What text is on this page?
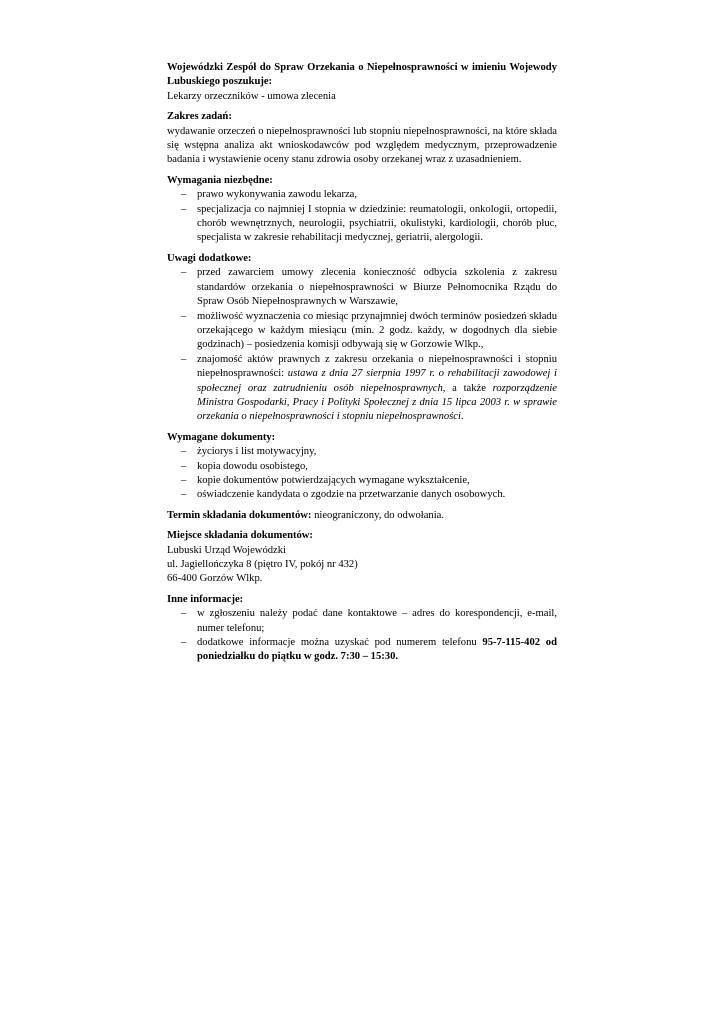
Wojewódzki Zespół do Spraw Orzekania o Niepełnosprawności w imieniu Wojewody Lubuskiego poszukuje:

Lekarzy orzeczników - umowa zlecenia

Zakres zadań:

wydawanie orzeczeń o niepełnosprawności lub stopniu niepełnosprawności, na które składa się wstępna analiza akt wnioskodawców pod względem medycznym, przeprowadzenie badania i wystawienie oceny stanu zdrowia osoby orzekanej wraz z uzasadnieniem.

Wymagania niezbędne:

– prawo wykonywania zawodu lekarza,
– specjalizacja co najmniej I stopnia w dziedzinie: reumatologii, onkologii, ortopedii, chorób wewnętrznych, neurologii, psychiatrii, okulistyki, kardiologii, chorób płuc, specjalista w zakresie rehabilitacji medycznej, geriatrii, alergologii.

Uwagi dodatkowe:

– przed zawarciem umowy zlecenia konieczność odbycia szkolenia z zakresu standardów orzekania o niepełnosprawności w Biurze Pełnomocnika Rządu do Spraw Osób Niepełnosprawnych w Warszawie,
– możliwość wyznaczenia co miesiąc przynajmniej dwóch terminów posiedzeń składu orzekającego w każdym miesiącu (min. 2 godz. każdy, w dogodnych dla siebie godzinach) – posiedzenia komisji odbywają się w Gorzowie Wlkp.,
– znajomość aktów prawnych z zakresu orzekania o niepełnosprawności i stopniu niepełnosprawności: ustawa z dnia 27 sierpnia 1997 r. o rehabilitacji zawodowej i społecznej oraz zatrudnieniu osób niepełnosprawnych, a także rozporządzenie Ministra Gospodarki, Pracy i Polityki Społecznej z dnia 15 lipca 2003 r. w sprawie orzekania o niepełnosprawności i stopniu niepełnosprawności.

Wymagane dokumenty:

– życiorys i list motywacyjny,
– kopia dowodu osobistego,
– kopie dokumentów potwierdzających wymagane wykształcenie,
– oświadczenie kandydata o zgodzie na przetwarzanie danych osobowych.

Termin składania dokumentów: nieograniczony, do odwołania.

Miejsce składania dokumentów:

Lubuski Urząd Wojewódzki

ul. Jagiellończyka 8 (piętro IV, pokój nr 432)

66-400 Gorzów Wlkp.

Inne informacje:

– w zgłoszeniu należy podać dane kontaktowe – adres do korespondencji, e-mail, numer telefonu;
– dodatkowe informacje można uzyskać pod numerem telefonu 95-7-115-402 od poniedziałku do piątku w godz. 7:30 – 15:30.
